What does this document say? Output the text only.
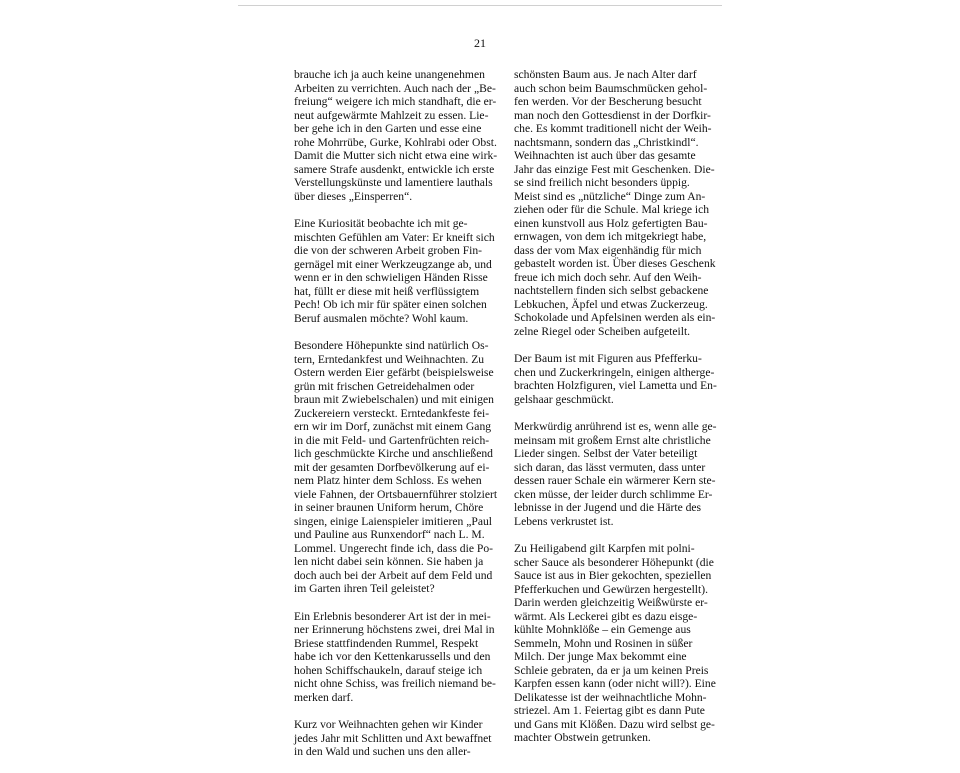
21
brauche ich ja auch keine unangenehmen
Arbeiten zu verrichten. Auch nach der „Be-
freiung“ weigere ich mich standhaft, die er-
neut aufgewärmte Mahlzeit zu essen. Lie-
ber gehe ich in den Garten und esse eine
rohe Mohrrübe, Gurke, Kohlrabi oder Obst.
Damit die Mutter sich nicht etwa eine wirk-
samere Strafe ausdenkt, entwickle ich erste
Verstellungskünste und lamentiere lauthals
über dieses „Einsperren“.
Eine Kuriosität beobachte ich mit ge-
mischten Gefühlen am Vater: Er kneift sich
die von der schweren Arbeit groben Fin-
gernägel mit einer Werkzeugzange ab, und
wenn er in den schwieligen Händen Risse
hat, füllt er diese mit heiß verflüssigtem
Pech! Ob ich mir für später einen solchen
Beruf ausmalen möchte? Wohl kaum.
Besondere Höhepunkte sind natürlich Os-
tern, Erntedankfest und Weihnachten. Zu
Ostern werden Eier gefärbt (beispielsweise
grün mit frischen Getreidehalmen oder
braun mit Zwiebelschalen) und mit einigen
Zuckereiern versteckt. Erntedankfeste fei-
ern wir im Dorf, zunächst mit einem Gang
in die mit Feld- und Gartenfrüchten reich-
lich geschmückte Kirche und anschließend
mit der gesamten Dorfbevölkerung auf ei-
nem Platz hinter dem Schloss. Es wehen
viele Fahnen, der Ortsbauernführer stolziert
in seiner braunen Uniform herum, Chöre
singen, einige Laienspieler imitieren „Paul
und Pauline aus Runxendorf“ nach L. M.
Lommel. Ungerecht finde ich, dass die Po-
len nicht dabei sein können. Sie haben ja
doch auch bei der Arbeit auf dem Feld und
im Garten ihren Teil geleistet?
Ein Erlebnis besonderer Art ist der in mei-
ner Erinnerung höchstens zwei, drei Mal in
Briese stattfindenden Rummel, Respekt
habe ich vor den Kettenkarussells und den
hohen Schiffschaukeln, darauf steige ich
nicht ohne Schiss, was freilich niemand be-
merken darf.
Kurz vor Weihnachten gehen wir Kinder
jedes Jahr mit Schlitten und Axt bewaffnet
in den Wald und suchen uns den aller-
schönsten Baum aus. Je nach Alter darf
auch schon beim Baumschmücken gehol-
fen werden. Vor der Bescherung besucht
man noch den Gottesdienst in der Dorfkir-
che. Es kommt traditionell nicht der Weih-
nachtsmann, sondern das „Christkindl“.
Weihnachten ist auch über das gesamte
Jahr das einzige Fest mit Geschenken. Die-
se sind freilich nicht besonders üppig.
Meist sind es „nützliche“ Dinge zum An-
ziehen oder für die Schule. Mal kriege ich
einen kunstvoll aus Holz gefertigten Bau-
ernwagen, von dem ich mitgekriegt habe,
dass der vom Max eigenhändig für mich
gebastelt worden ist. Über dieses Geschenk
freue ich mich doch sehr. Auf den Weih-
nachtstellern finden sich selbst gebackene
Lebkuchen, Äpfel und etwas Zuckerzeug.
Schokolade und Apfelsinen werden als ein-
zelne Riegel oder Scheiben aufgeteilt.
Der Baum ist mit Figuren aus Pfefferku-
chen und Zuckerkringeln, einigen althergе-
brachten Holzfiguren, viel Lametta und En-
gelshaar geschmückt.
Merkwürdig anrührend ist es, wenn alle ge-
meinsam mit großem Ernst alte christliche
Lieder singen. Selbst der Vater beteiligt
sich daran, das lässt vermuten, dass unter
dessen rauer Schale ein wärmerer Kern ste-
cken müsse, der leider durch schlimme Er-
lebnisse in der Jugend und die Härte des
Lebens verkrustet ist.
Zu Heiligabend gilt Karpfen mit polni-
scher Sauce als besonderer Höhepunkt (die
Sauce ist aus in Bier gekochten, speziellen
Pfefferkuchen und Gewürzen hergestellt).
Darin werden gleichzeitig Weißwürste er-
wärmt. Als Leckerei gibt es dazu eisge-
kühlte Mohnklöße – ein Gemenge aus
Semmeln, Mohn und Rosinen in süßer
Milch. Der junge Max bekommt eine
Schleie gebraten, da er ja um keinen Preis
Karpfen essen kann (oder nicht will?). Eine
Delikatesse ist der weihnachtliche Mohn-
striezel. Am 1. Feiertag gibt es dann Pute
und Gans mit Klößen. Dazu wird selbst ge-
machter Obstwein getrunken.
